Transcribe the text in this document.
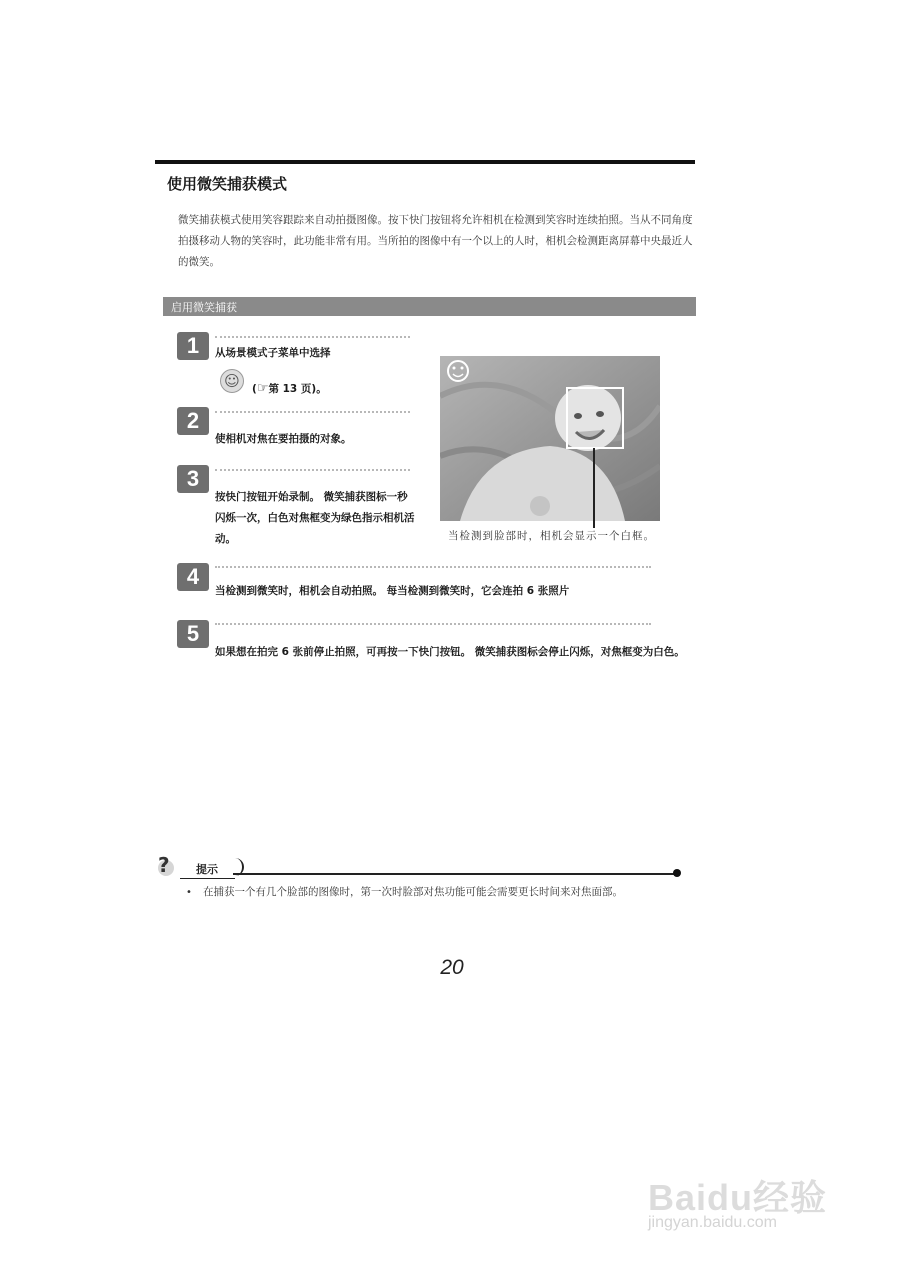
使用微笑捕获模式
微笑捕获模式使用笑容跟踪来自动拍摄图像。按下快门按钮将允许相机在检测到笑容时连续拍照。当从不同角度拍摄移动人物的笑容时，此功能非常有用。当所拍的图像中有一个以上的人时，相机会检测距离屏幕中央最近人的微笑。
启用微笑捕获
1	从场景模式子菜单中选择
☺	(☞第 13 页)。
2
使相机对焦在要拍摄的对象。
3
按快门按钮开始录制。 微笑捕获图标一秒闪烁一次，白色对焦框变为绿色指示相机活动。	当检测到脸部时，相机会显示一个白框。
4
当检测到微笑时，相机会自动拍照。 每当检测到微笑时，它会连拍 6 张照片
5
如果想在拍完 6 张前停止拍照，可再按一下快门按钮。 微笑捕获图标会停止闪烁，对焦框变为白色。
? 提示
• 在捕获一个有几个脸部的图像时，第一次时脸部对焦功能可能会需要更长时间来对焦面部。
20
Baidu经验
jingyan.baidu.com
